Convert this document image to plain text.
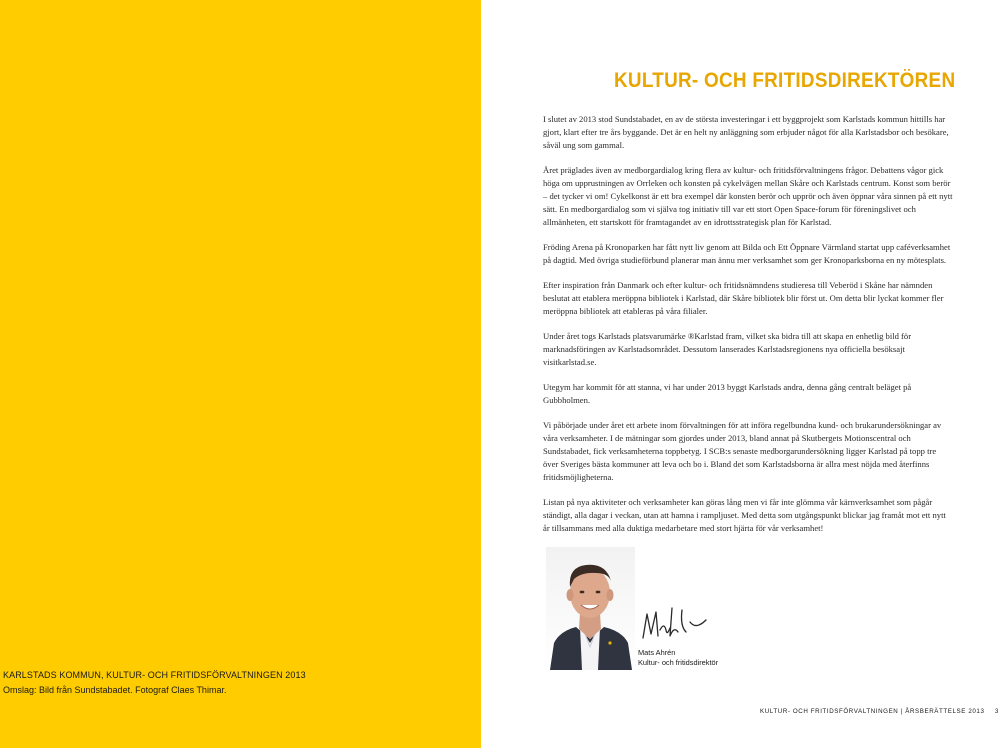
KARLSTADS KOMMUN, KULTUR- OCH FRITIDSFÖRVALTNINGEN 2013
Omslag: Bild från Sundstabadet. Fotograf Claes Thimar.
KULTUR- OCH FRITIDSDIREKTÖREN

I slutet av 2013 stod Sundstabadet, en av de största investeringar i ett byggprojekt som Karlstads kommun hittills har gjort, klart efter tre års byggande. Det är en helt ny anläggning som erbjuder något för alla Karlstadsbor och besökare, såväl ung som gammal.

Året präglades även av medborgardialog kring flera av kultur- och fritidsförvaltningens frågor. Debattens vågor gick höga om upprustningen av Orrleken och konsten på cykelvägen mellan Skåre och Karlstads centrum. Konst som berör – det tycker vi om! Cykelkonst är ett bra exempel där konsten berör och upprör och även öppnar våra sinnen på ett nytt sätt. En medborgardialog som vi själva tog initiativ till var ett stort Open Space-forum för föreningslivet och allmänheten, ett startskott för framtagandet av en idrottsstrategisk plan för Karlstad.

Fröding Arena på Kronoparken har fått nytt liv genom att Bilda och Ett Öppnare Värmland startat upp caféverksamhet på dagtid. Med övriga studieförbund planerar man ännu mer verksamhet som ger Kronoparksborna en ny mötesplats.

Efter inspiration från Danmark och efter kultur- och fritidsnämndens studieresa till Veberöd i Skåne har nämnden beslutat att etablera meröppna bibliotek i Karlstad, där Skåre bibliotek blir först ut. Om detta blir lyckat kommer fler meröppna bibliotek att etableras på våra filialer.

Under året togs Karlstads platsvarumärke ®Karlstad fram, vilket ska bidra till att skapa en enhetlig bild för marknadsföringen av Karlstadsområdet. Dessutom lanserades Karlstadsregionens nya officiella besöksajt visitkarlstad.se.

Utegym har kommit för att stanna, vi har under 2013 byggt Karlstads andra, denna gång centralt beläget på Gubbholmen.

Vi påbörjade under året ett arbete inom förvaltningen för att införa regelbundna kund- och brukarundersökningar av våra verksamheter. I de mätningar som gjordes under 2013, bland annat på Skutbergets Motionscentral och Sundstabadet, fick verksamheterna toppbetyg. I SCB:s senaste medborgarundersökning ligger Karlstad på topp tre över Sveriges bästa kommuner att leva och bo i. Bland det som Karlstadsborna är allra mest nöjda med återfinns fritidsmöjligheterna.

Listan på nya aktiviteter och verksamheter kan göras lång men vi får inte glömma vår kärnverksamhet som pågår ständigt, alla dagar i veckan, utan att hamna i rampljuset. Med detta som utgångspunkt blickar jag framåt mot ett nytt år tillsammans med alla duktiga medarbetare med stort hjärta för vår verksamhet!

Mats Ahrén
Kultur- och fritidsdirektör
KULTUR- OCH FRITIDSFÖRVALTNINGEN | ÅRSBERÄTTELSE 2013 3
